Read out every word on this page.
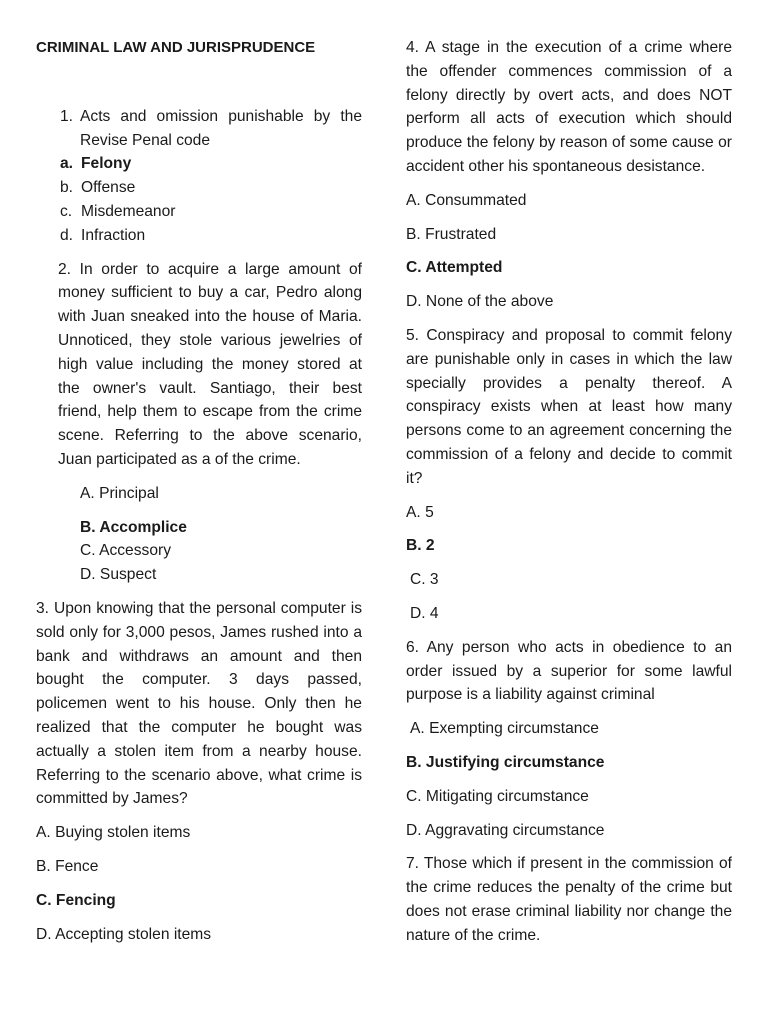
CRIMINAL LAW AND JURISPRUDENCE
1. Acts and omission punishable by the Revise Penal code
a. Felony
b. Offense
c. Misdemeanor
d. Infraction

2. In order to acquire a large amount of money sufficient to buy a car, Pedro along with Juan sneaked into the house of Maria. Unnoticed, they stole various jewelries of high value including the money stored at the owner's vault. Santiago, their best friend, help them to escape from the crime scene. Referring to the above scenario, Juan participated as a of the crime.

A. Principal

B. Accomplice

C. Accessory

D. Suspect

3. Upon knowing that the personal computer is sold only for 3,000 pesos, James rushed into a bank and withdraws an amount and then bought the computer. 3 days passed, policemen went to his house. Only then he realized that the computer he bought was actually a stolen item from a nearby house. Referring to the scenario above, what crime is committed by James?

A. Buying stolen items

B. Fence

C. Fencing

D. Accepting stolen items

4. A stage in the execution of a crime where the offender commences commission of a felony directly by overt acts, and does NOT perform all acts of execution which should produce the felony by reason of some cause or accident other his spontaneous desistance.

A. Consummated

B. Frustrated

C. Attempted

D. None of the above

5. Conspiracy and proposal to commit felony are punishable only in cases in which the law specially provides a penalty thereof. A conspiracy exists when at least how many persons come to an agreement concerning the commission of a felony and decide to commit it?

A. 5

B. 2

C. 3

D. 4

6. Any person who acts in obedience to an order issued by a superior for some lawful purpose is a liability against criminal

A. Exempting circumstance

B. Justifying circumstance

C. Mitigating circumstance

D. Aggravating circumstance

7. Those which if present in the commission of the crime reduces the penalty of the crime but does not erase criminal liability nor change the nature of the crime.
